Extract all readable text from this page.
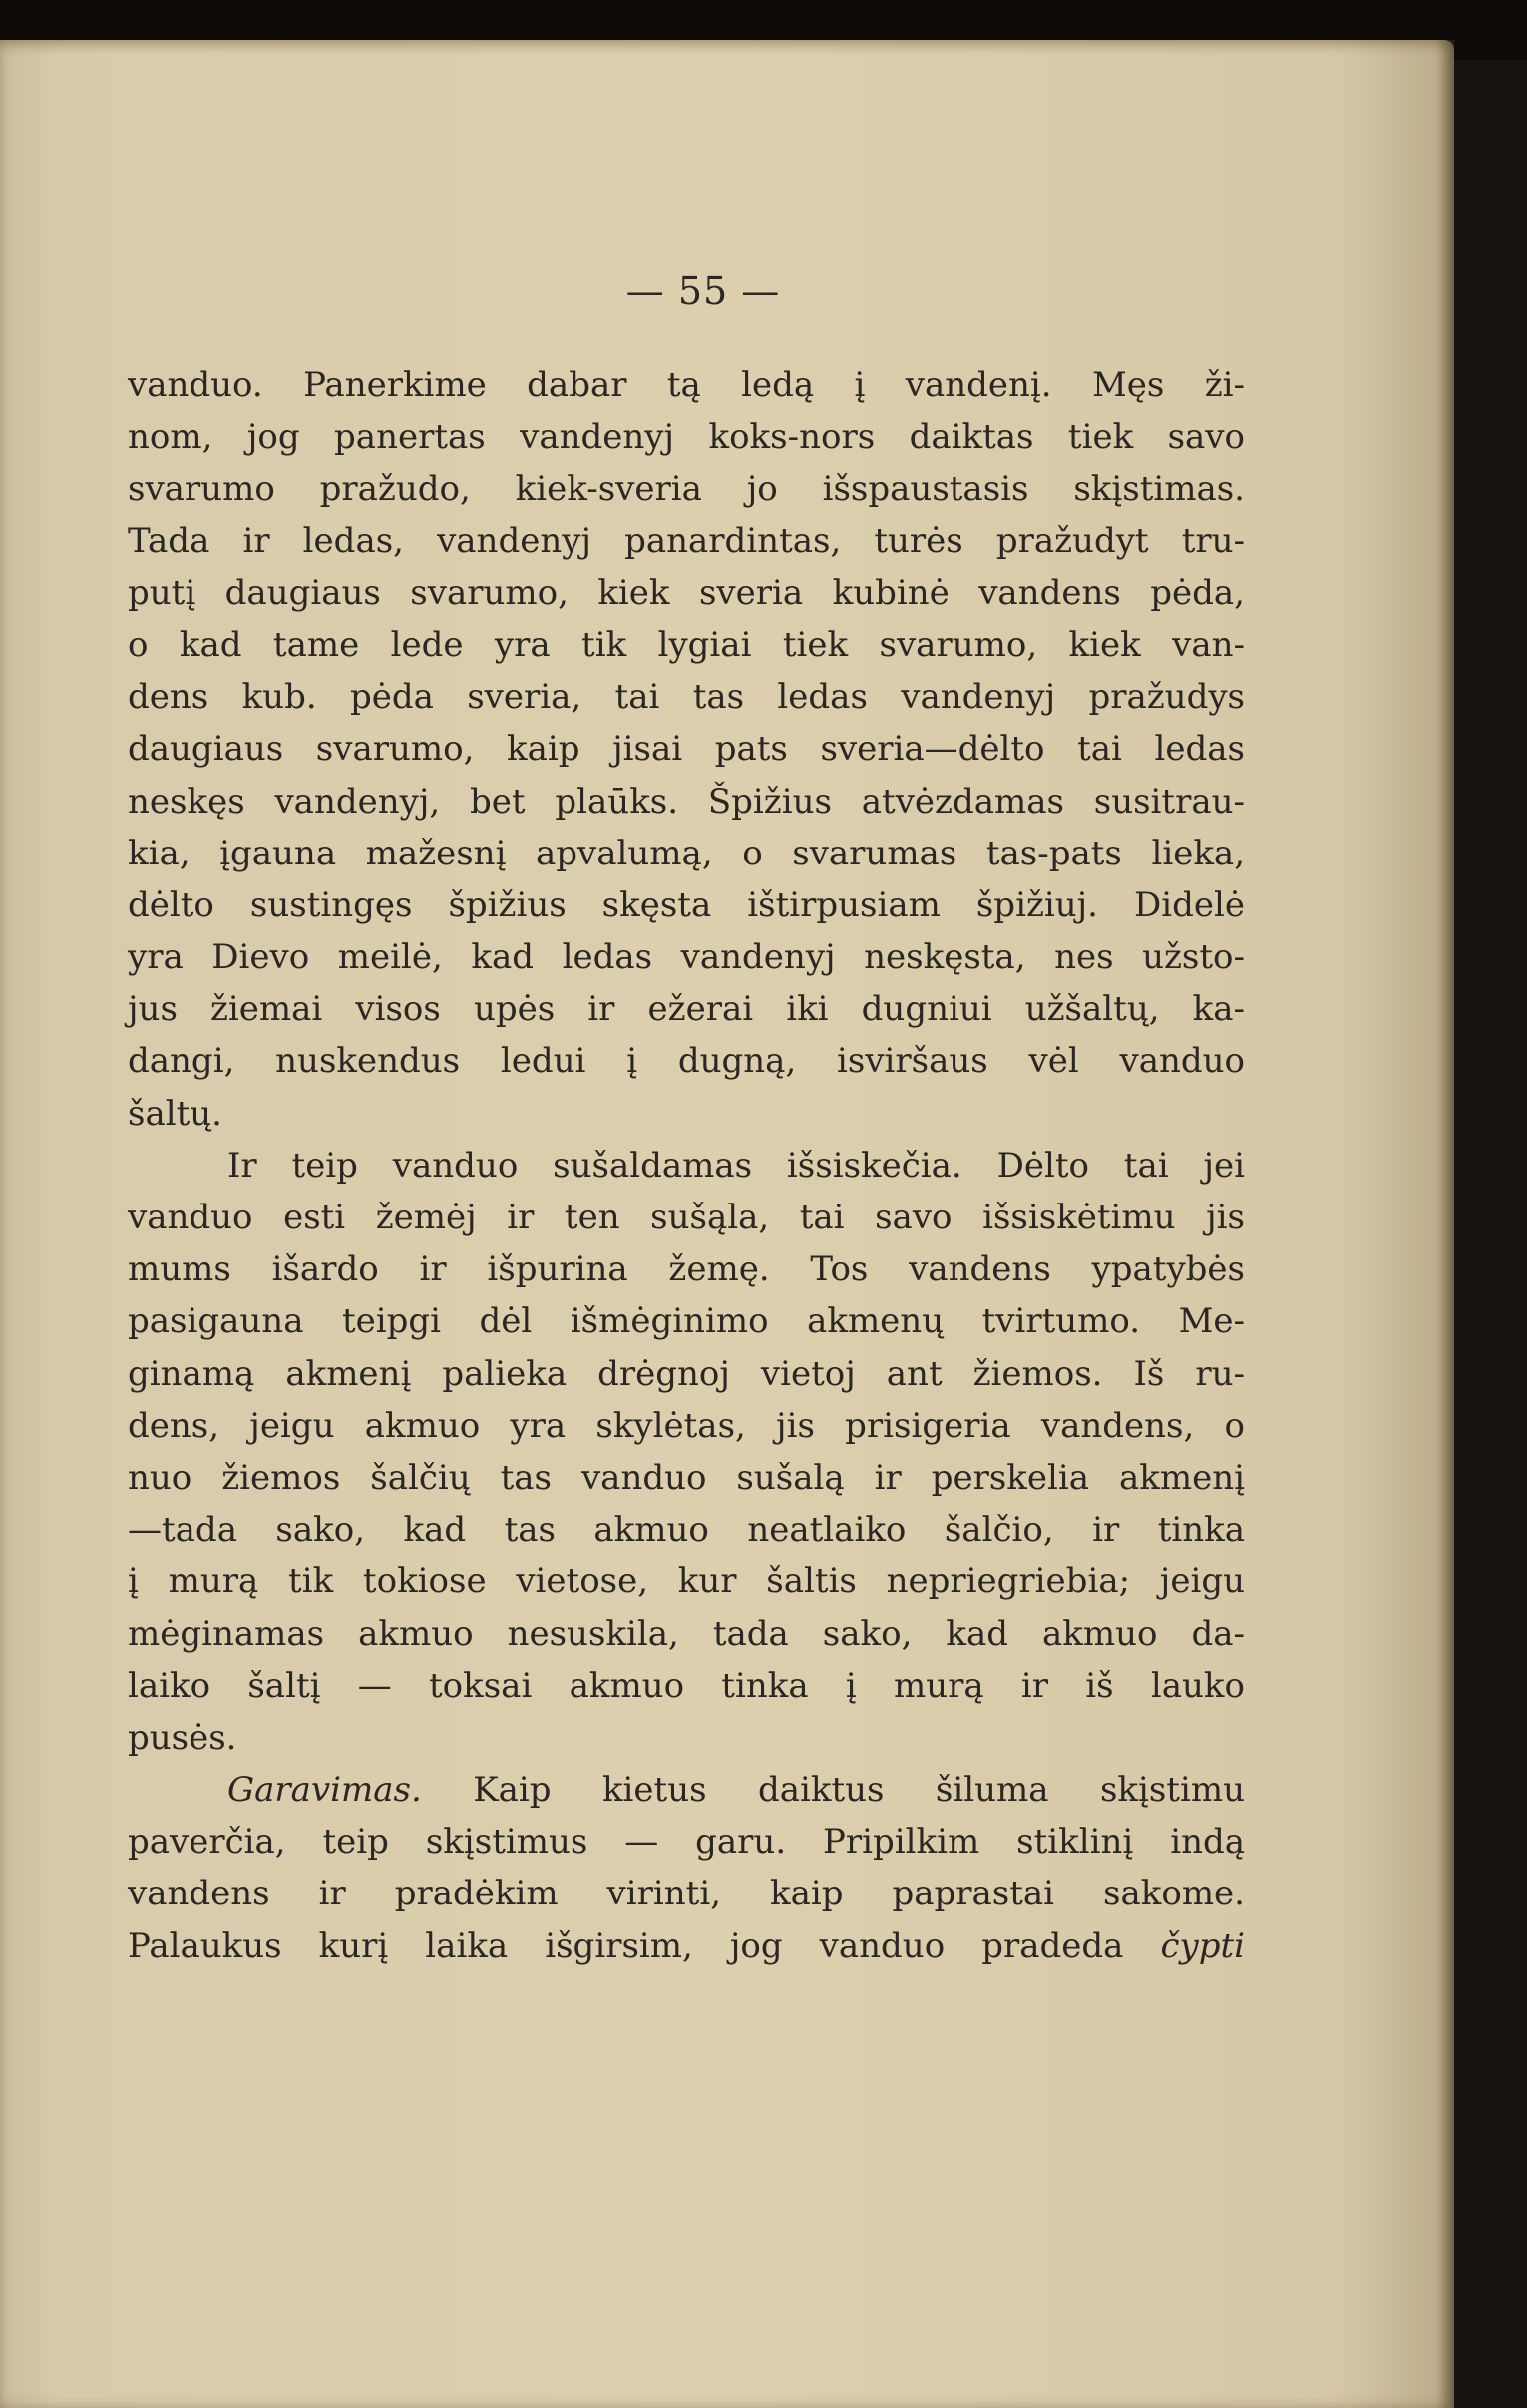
— 55 —
vanduo. Panerkime dabar tą ledą į vandenį. Męs ži-
nom, jog panertas vandenyj koks-nors daiktas tiek savo
svarumo pražudo, kiek-sveria jo išspaustasis skįstimas.
Tada ir ledas, vandenyj panardintas, turės pražudyt tru-
putį daugiaus svarumo, kiek sveria kubinė vandens pėda,
o kad tame lede yra tik lygiai tiek svarumo, kiek van-
dens kub. pėda sveria, tai tas ledas vandenyj pražudys
daugiaus svarumo, kaip jisai pats sveria—dėlto tai ledas
neskęs vandenyj, bet plaūks. Špižius atvėzdamas susitrau-
kia, įgauna mažesnį apvalumą, o svarumas tas-pats lieka,
dėlto sustingęs špižius skęsta ištirpusiam špižiuj. Didelė
yra Dievo meilė, kad ledas vandenyj neskęsta, nes užsto-
jus žiemai visos upės ir ežerai iki dugniui užšaltų, ka-
dangi, nuskendus ledui į dugną, isviršaus vėl vanduo
šaltų.
Ir teip vanduo sušaldamas išsiskečia. Dėlto tai jei
vanduo esti žemėj ir ten sušąla, tai savo išsiskėtimu jis
mums išardo ir išpurina žemę. Tos vandens ypatybės
pasigauna teipgi dėl išmėginimo akmenų tvirtumo. Me-
ginamą akmenį palieka drėgnoj vietoj ant žiemos. Iš ru-
dens, jeigu akmuo yra skylėtas, jis prisigeria vandens, o
nuo žiemos šalčių tas vanduo sušalą ir perskelia akmenį
—tada sako, kad tas akmuo neatlaiko šalčio, ir tinka
į murą tik tokiose vietose, kur šaltis nepriegriebia; jeigu
mėginamas akmuo nesuskila, tada sako, kad akmuo da-
laiko šaltį — toksai akmuo tinka į murą ir iš lauko
pusės.
Garavimas. Kaip kietus daiktus šiluma skįstimu
paverčia, teip skįstimus — garu. Pripilkim stiklinį indą
vandens ir pradėkim virinti, kaip paprastai sakome.
Palaukus kurį laika išgirsim, jog vanduo pradeda čypti
